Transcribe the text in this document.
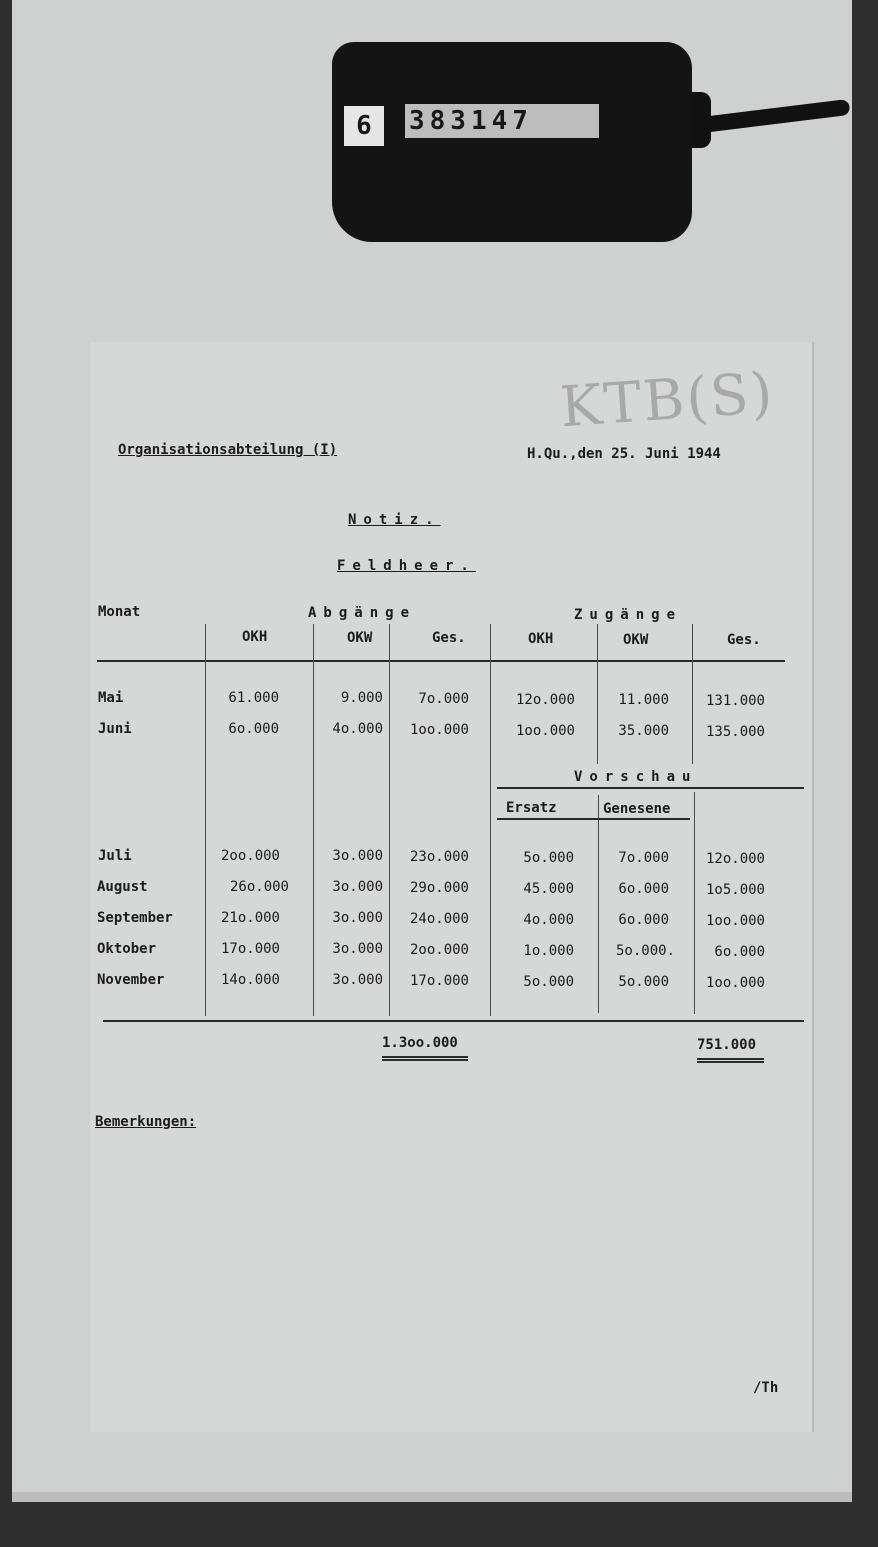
6	383147
KTB(S)
Organisationsabteilung (I)	H.Qu.,den 25. Juni 1944
Notiz.
Feldheer.
Monat	Abgänge	Zugänge
OKH	OKW	Ges.	OKH	OKW	Ges.
Mai	61.000	9.000	7o.000	12o.000	11.000	131.000
Juni	6o.000	4o.000	1oo.000	1oo.000	35.000	135.000
Vorschau
Ersatz	Genesene
Juli	2oo.000	3o.000	23o.000	5o.000	7o.000	12o.000
August	26o.000	3o.000	29o.000	45.000	6o.000	1o5.000
September	21o.000	3o.000	24o.000	4o.000	6o.000	1oo.000
Oktober	17o.000	3o.000	2oo.000	1o.000	5o.000.	6o.000
November	14o.000	3o.000	17o.000	5o.000	5o.000	1oo.000
1.3oo.000	751.000
Bemerkungen:
/Th
